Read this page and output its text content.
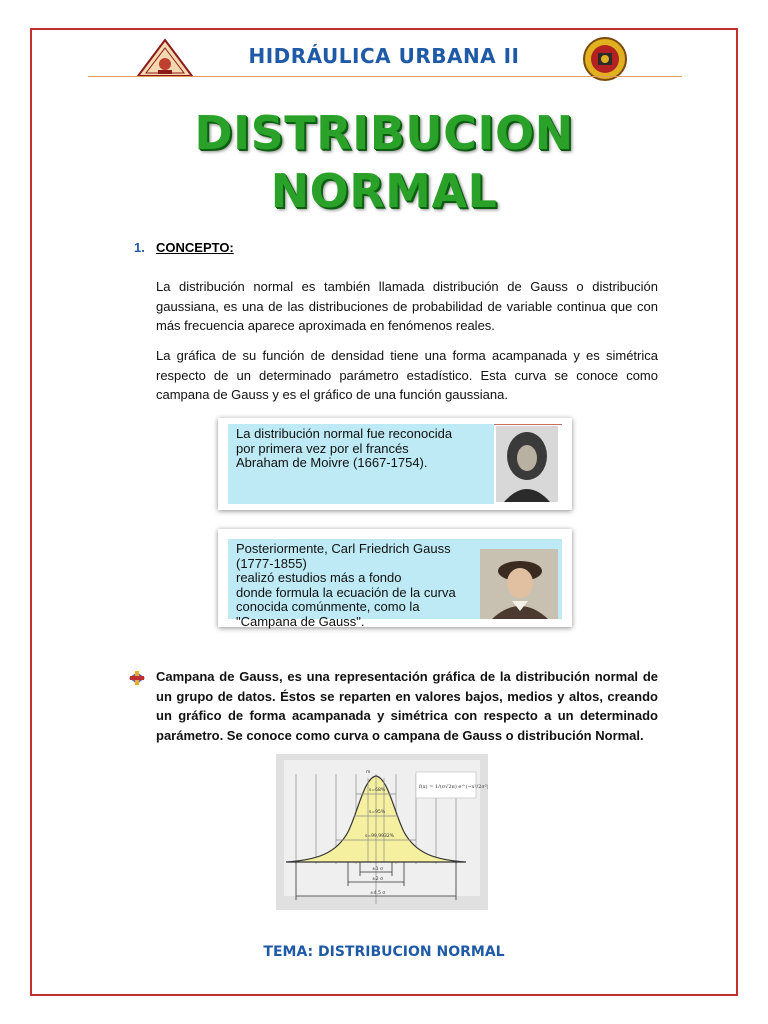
HIDRÁULICA URBANA II
DISTRIBUCION
NORMAL
1. CONCEPTO:
La distribución normal es también llamada distribución de Gauss o distribución gaussiana, es una de las distribuciones de probabilidad de variable continua que con más frecuencia aparece aproximada en fenómenos reales.
La gráfica de su función de densidad tiene una forma acampanada y es simétrica respecto de un determinado parámetro estadístico. Esta curva se conoce como campana de Gauss y es el gráfico de una función gaussiana.
La distribución normal fue reconocida
por primera vez por el francés
Abraham de Moivre (1667-1754).
Posteriormente, Carl Friedrich Gauss (1777-1855)
realizó estudios más a fondo
donde formula la ecuación de la curva
conocida comúnmente, como la
"Campana de Gauss".
Campana de Gauss, es una representación gráfica de la distribución normal de un grupo de datos. Éstos se reparten en valores bajos, medios y altos, creando un gráfico de forma acampanada y simétrica con respecto a un determinado parámetro. Se conoce como curva o campana de Gauss o distribución Normal.
m
s=68%
s=95%
s=99,9932%
±1 σ
±2 σ
±4,5 σ
f(x) = 1/(σ√2π) e^(−x²/2σ²)
TEMA: DISTRIBUCION NORMAL
